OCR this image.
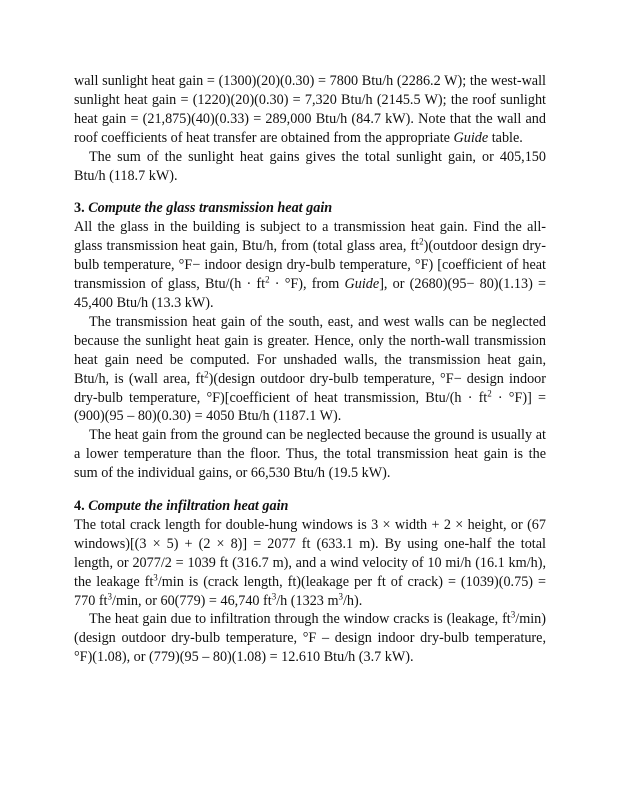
wall sunlight heat gain = (1300)(20)(0.30) = 7800 Btu/h (2286.2 W); the west-wall sunlight heat gain = (1220)(20)(0.30) = 7,320 Btu/h (2145.5 W); the roof sunlight heat gain = (21,875)(40)(0.33) = 289,000 Btu/h (84.7 kW). Note that the wall and roof coefficients of heat transfer are obtained from the appropriate Guide table.

The sum of the sunlight heat gains gives the total sunlight gain, or 405,150 Btu/h (118.7 kW).

3. Compute the glass transmission heat gain

All the glass in the building is subject to a transmission heat gain. Find the all-glass transmission heat gain, Btu/h, from (total glass area, $ft^2)(outdoor$ design dry-bulb temperature, °F− indoor design dry-bulb temperature, °F) [coefficient of heat transmission of glass, $Btu/(h \cdot ft^2 \cdot ^\circ F)$, from Guide], or (2680)(95− 80)(1.13) = 45,400 Btu/h (13.3 kW).

The transmission heat gain of the south, east, and west walls can be neglected because the sunlight heat gain is greater. Hence, only the north-wall transmission heat gain need be computed. For unshaded walls, the transmission heat gain, Btu/h, is (wall area, $ft^2)(design$ outdoor dry-bulb temperature, °F− design indoor dry-bulb temperature, °F)[coefficient of heat transmission, $Btu/(h \cdot ft^2 \cdot ^\circ F)] = (900)(95 - 80)(0.30) = 4050$ Btu/h (1187.1 W).

The heat gain from the ground can be neglected because the ground is usually at a lower temperature than the floor. Thus, the total transmission heat gain is the sum of the individual gains, or 66,530 Btu/h (19.5 kW).

4. Compute the infiltration heat gain

The total crack length for double-hung windows is 3 × width + 2 × height, or (67 windows)[(3 × 5) + (2 × 8)] = 2077 ft (633.1 m). By using one-half the total length, or 2077/2 = 1039 ft (316.7 m), and a wind velocity of 10 mi/h (16.1 km/h), the leakage $ft^3/\min$ is (crack length, ft)(leakage per ft of crack) = (1039)(0.75) = 770 $ft^3/\min$, or 60(779) = 46,740 $ft^3/h$ (1323 $m^3/h$).

The heat gain due to infiltration through the window cracks is (leakage, $ft^3/\min$) (design outdoor dry-bulb temperature, °F – design indoor dry-bulb temperature, °F)(1.08), or (779)(95 – 80)(1.08) = 12.610 Btu/h (3.7 kW).
